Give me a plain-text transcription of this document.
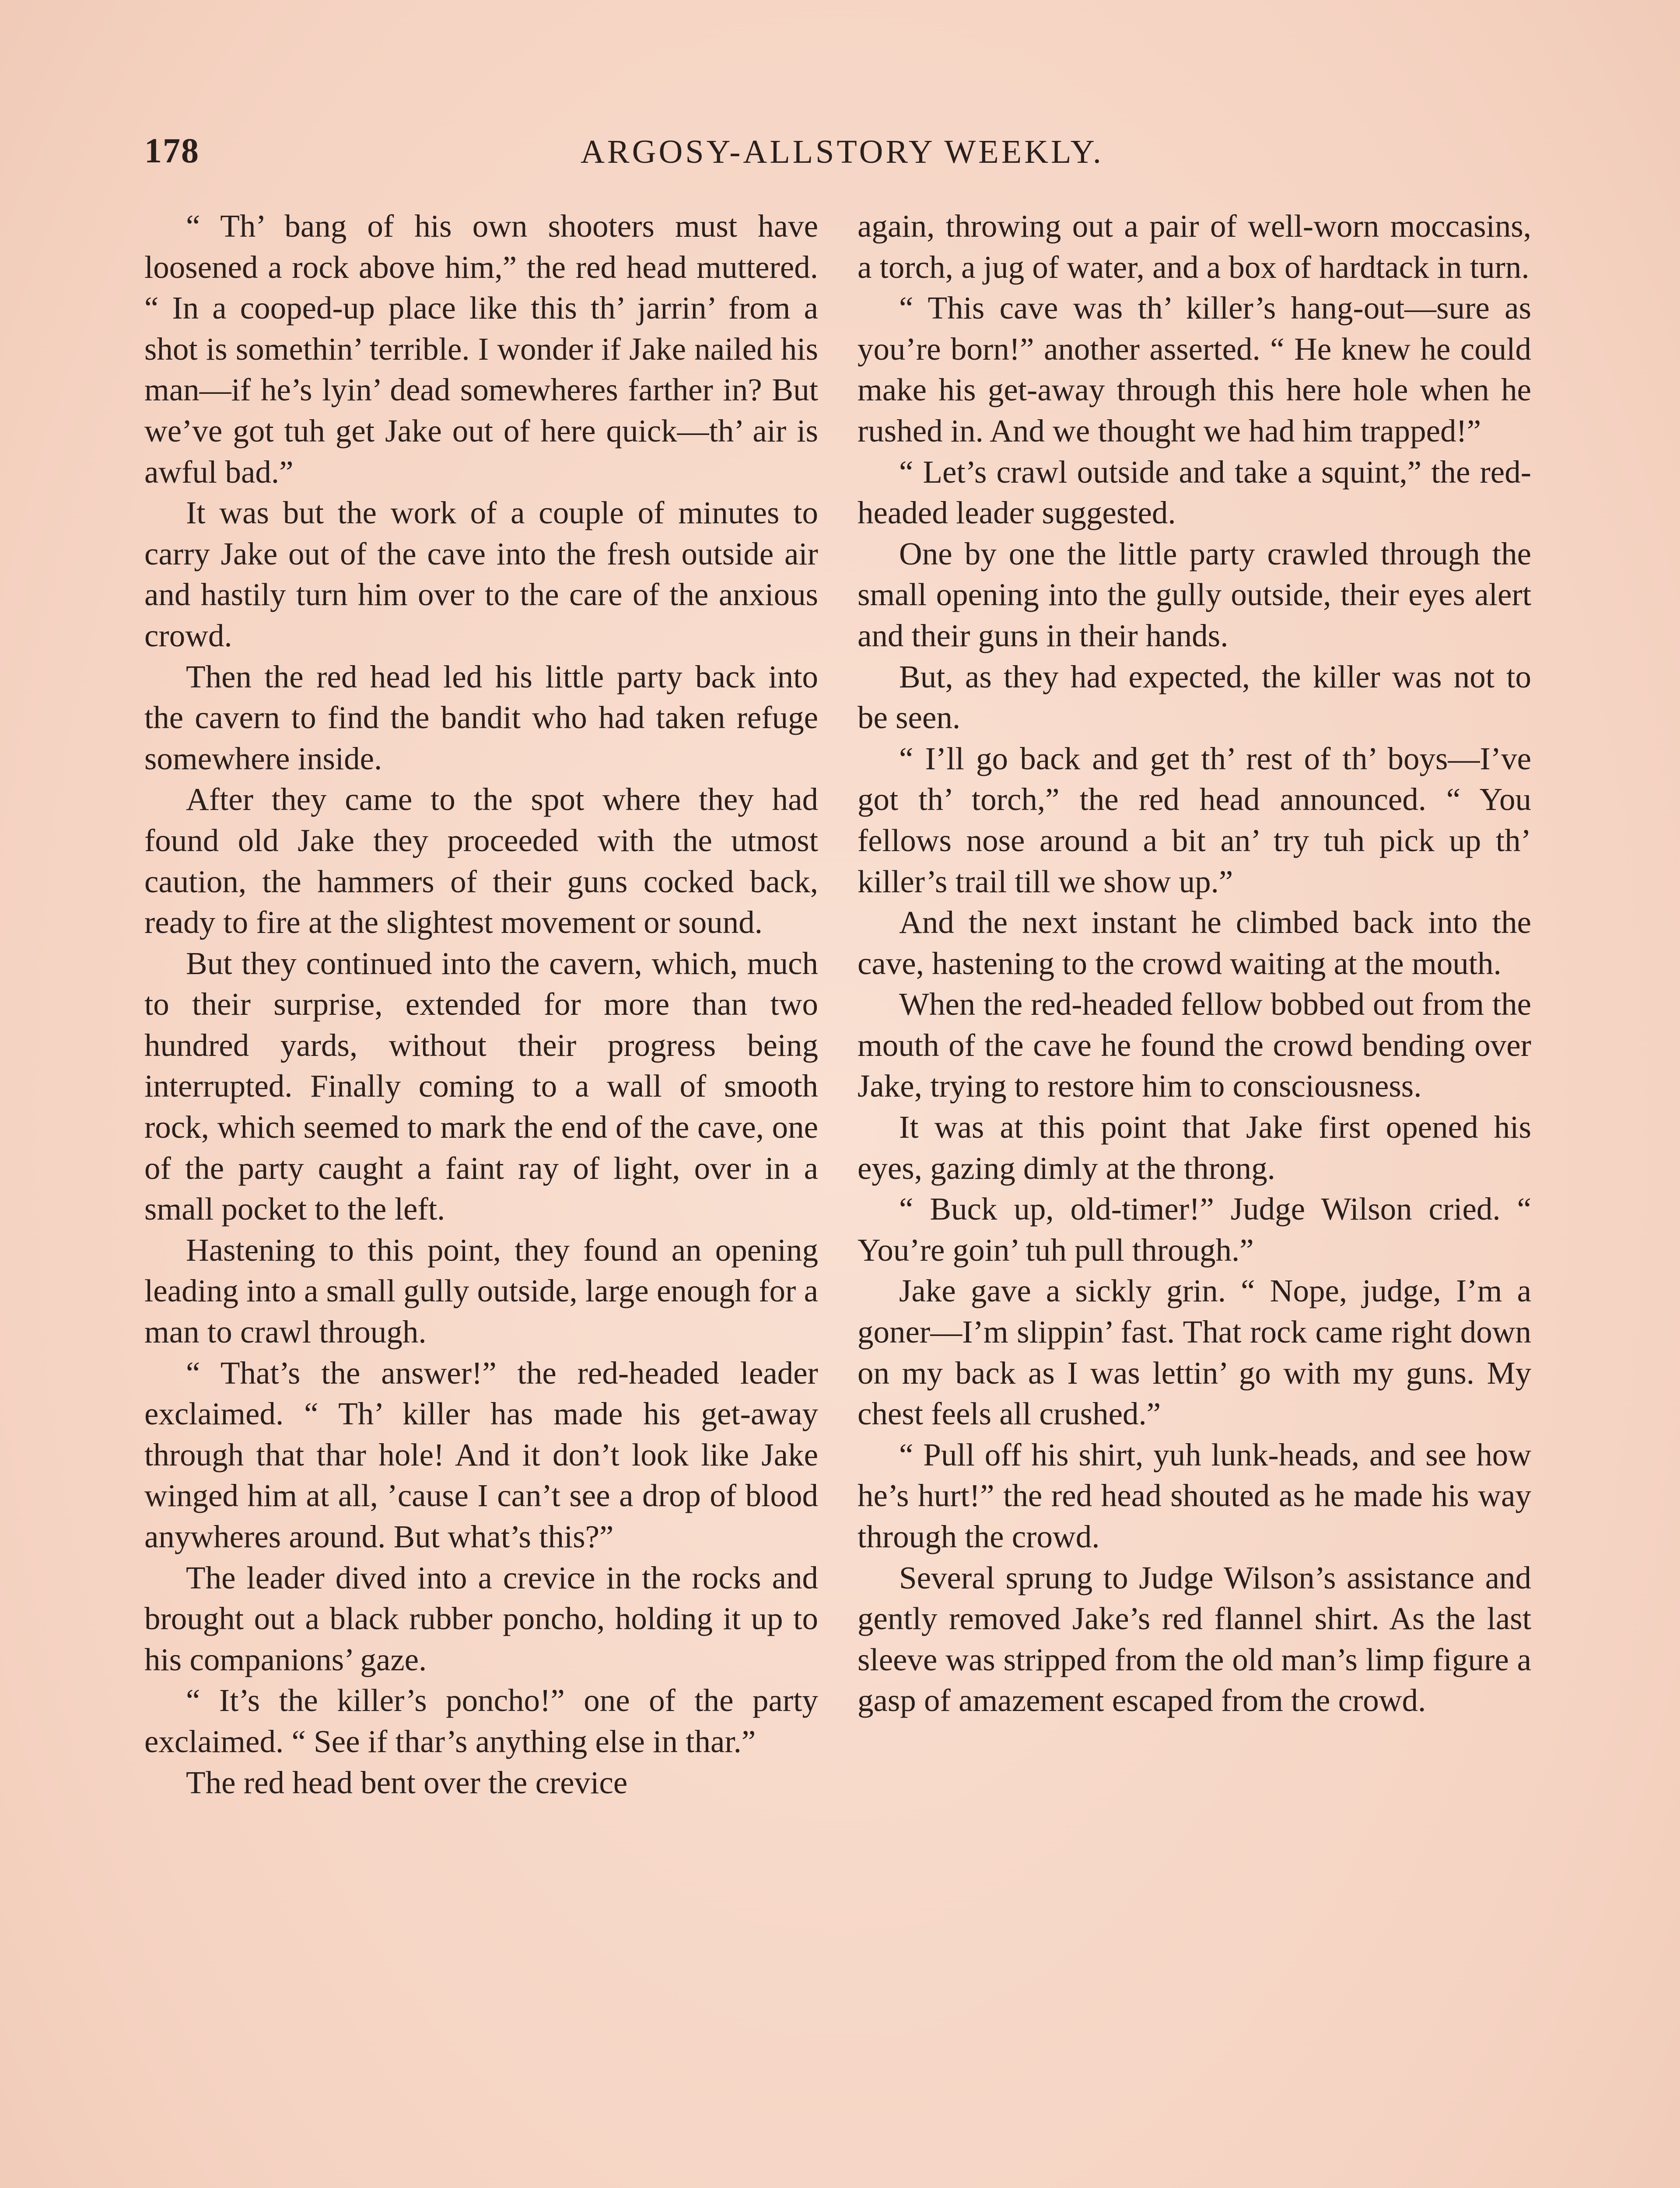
178	ARGOSY-ALLSTORY WEEKLY.

“ Th’ bang of his own shooters must have loosened a rock above him,” the red head muttered. “ In a cooped-up place like this th’ jarrin’ from a shot is somethin’ terrible. I wonder if Jake nailed his man—if he’s lyin’ dead somewheres farther in? But we’ve got tuh get Jake out of here quick—th’ air is awful bad.”

It was but the work of a couple of minutes to carry Jake out of the cave into the fresh outside air and hastily turn him over to the care of the anxious crowd.

Then the red head led his little party back into the cavern to find the bandit who had taken refuge somewhere inside.

After they came to the spot where they had found old Jake they proceeded with the utmost caution, the hammers of their guns cocked back, ready to fire at the slightest movement or sound.

But they continued into the cavern, which, much to their surprise, extended for more than two hundred yards, without their progress being interrupted. Finally coming to a wall of smooth rock, which seemed to mark the end of the cave, one of the party caught a faint ray of light, over in a small pocket to the left.

Hastening to this point, they found an opening leading into a small gully outside, large enough for a man to crawl through.

“ That’s the answer!” the red-headed leader exclaimed. “ Th’ killer has made his get-away through that thar hole! And it don’t look like Jake winged him at all, ’cause I can’t see a drop of blood anywheres around. But what’s this?”

The leader dived into a crevice in the rocks and brought out a black rubber poncho, holding it up to his companions’ gaze.

“ It’s the killer’s poncho!” one of the party exclaimed. “ See if thar’s anything else in thar.”

The red head bent over the crevice

again, throwing out a pair of well-worn moccasins, a torch, a jug of water, and a box of hardtack in turn.

“ This cave was th’ killer’s hang-out—sure as you’re born!” another asserted. “ He knew he could make his get-away through this here hole when he rushed in. And we thought we had him trapped!”

“ Let’s crawl outside and take a squint,” the red-headed leader suggested.

One by one the little party crawled through the small opening into the gully outside, their eyes alert and their guns in their hands.

But, as they had expected, the killer was not to be seen.

“ I’ll go back and get th’ rest of th’ boys—I’ve got th’ torch,” the red head announced. “ You fellows nose around a bit an’ try tuh pick up th’ killer’s trail till we show up.”

And the next instant he climbed back into the cave, hastening to the crowd waiting at the mouth.

When the red-headed fellow bobbed out from the mouth of the cave he found the crowd bending over Jake, trying to restore him to consciousness.

It was at this point that Jake first opened his eyes, gazing dimly at the throng.

“ Buck up, old-timer!” Judge Wilson cried. “ You’re goin’ tuh pull through.”

Jake gave a sickly grin. “ Nope, judge, I’m a goner—I’m slippin’ fast. That rock came right down on my back as I was lettin’ go with my guns. My chest feels all crushed.”

“ Pull off his shirt, yuh lunk-heads, and see how he’s hurt!” the red head shouted as he made his way through the crowd.

Several sprung to Judge Wilson’s assistance and gently removed Jake’s red flannel shirt. As the last sleeve was stripped from the old man’s limp figure a gasp of amazement escaped from the crowd.
